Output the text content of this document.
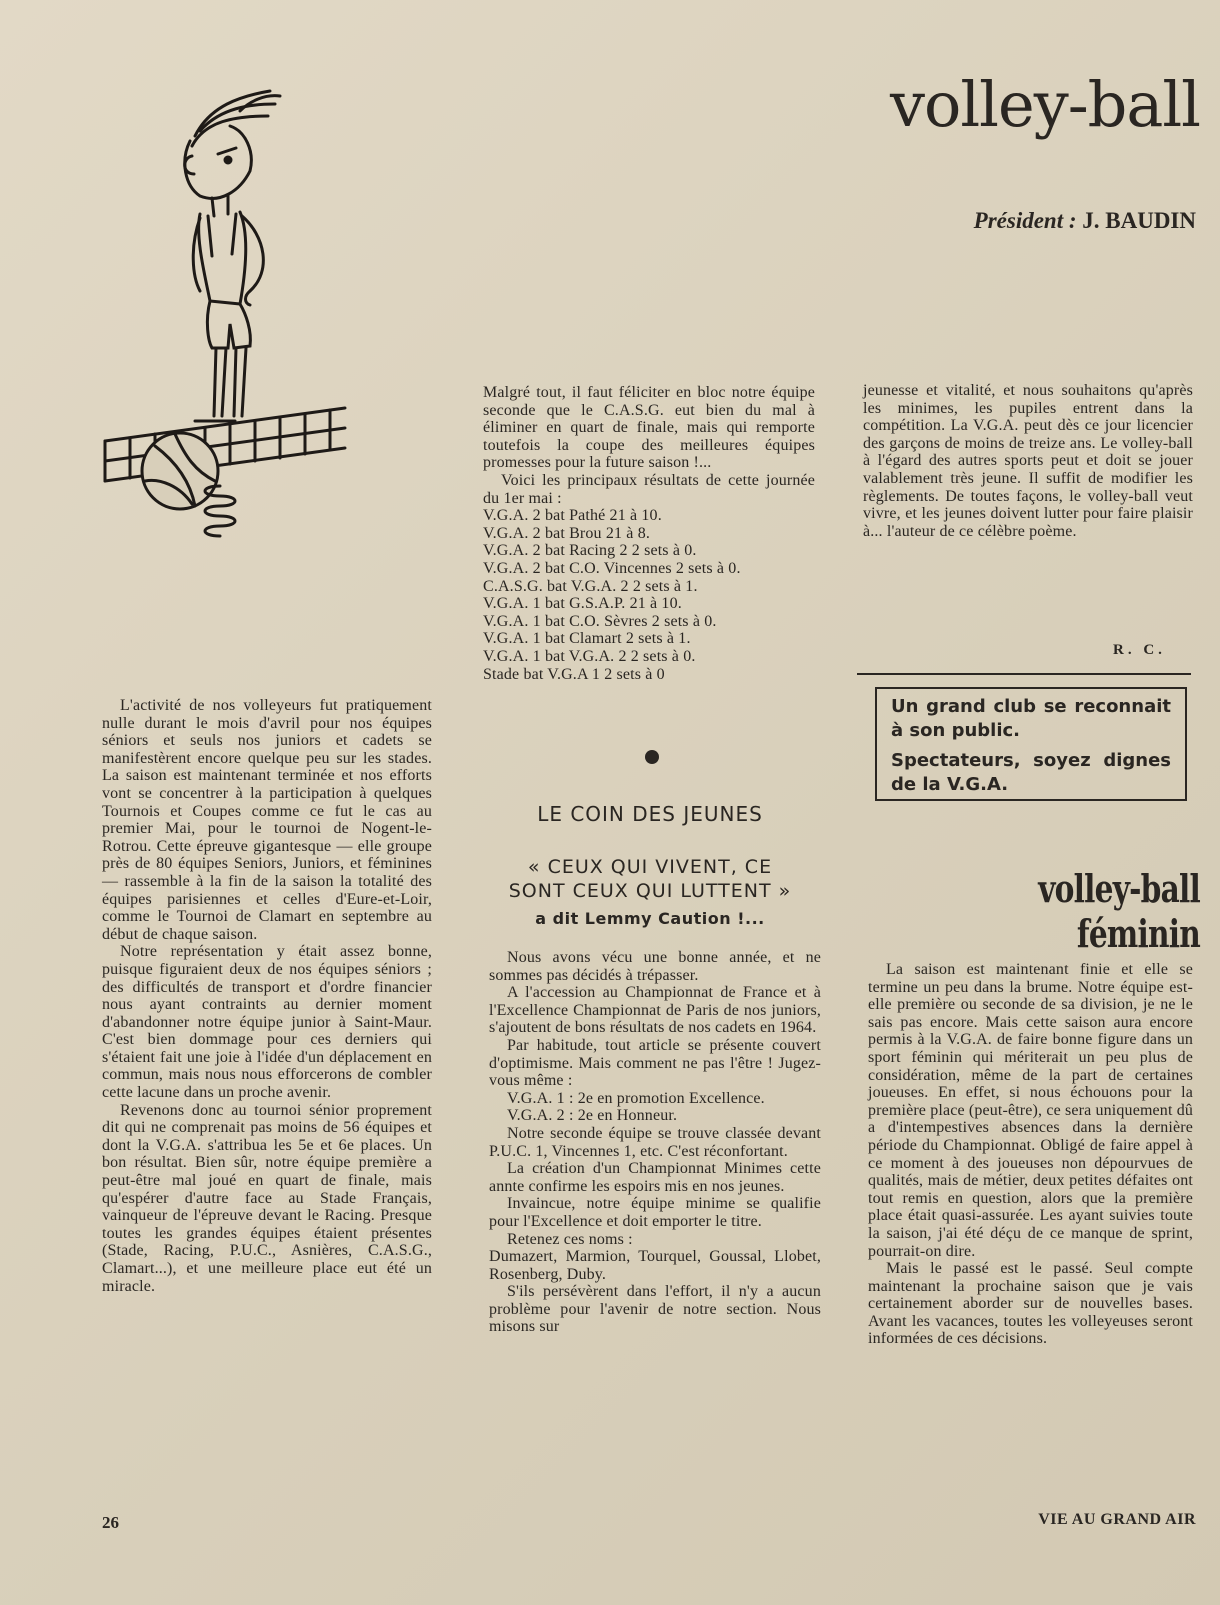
volley-ball
Président : J. BAUDIN

L'activité de nos volleyeurs fut pratiquement nulle durant le mois d'avril pour nos équipes séniors et seuls nos juniors et cadets se manifestèrent encore quelque peu sur les stades. La saison est maintenant terminée et nos efforts vont se concentrer à la participation à quelques Tournois et Coupes comme ce fut le cas au premier Mai, pour le tournoi de Nogent-le-Rotrou. Cette épreuve gigantesque — elle groupe près de 80 équipes Seniors, Juniors, et féminines — rassemble à la fin de la saison la totalité des équipes parisiennes et celles d'Eure-et-Loir, comme le Tournoi de Clamart en septembre au début de chaque saison.

Notre représentation y était assez bonne, puisque figuraient deux de nos équipes séniors ; des difficultés de transport et d'ordre financier nous ayant contraints au dernier moment d'abandonner notre équipe junior à Saint-Maur. C'est bien dommage pour ces derniers qui s'étaient fait une joie à l'idée d'un déplacement en commun, mais nous nous efforcerons de combler cette lacune dans un proche avenir.

Revenons donc au tournoi sénior proprement dit qui ne comprenait pas moins de 56 équipes et dont la V.G.A. s'attribua les 5e et 6e places. Un bon résultat. Bien sûr, notre équipe première a peut-être mal joué en quart de finale, mais qu'espérer d'autre face au Stade Français, vainqueur de l'épreuve devant le Racing. Presque toutes les grandes équipes étaient présentes (Stade, Racing, P.U.C., Asnières, C.A.S.G., Clamart...), et une meilleure place eut été un miracle.

Malgré tout, il faut féliciter en bloc notre équipe seconde que le C.A.S.G. eut bien du mal à éliminer en quart de finale, mais qui remporte toutefois la coupe des meilleures équipes promesses pour la future saison !...

Voici les principaux résultats de cette journée du 1er mai :

V.G.A. 2 bat Pathé 21 à 10.
V.G.A. 2 bat Brou 21 à 8.
V.G.A. 2 bat Racing 2 2 sets à 0.
V.G.A. 2 bat C.O. Vincennes 2 sets à 0.
C.A.S.G. bat V.G.A. 2 2 sets à 1.
V.G.A. 1 bat G.S.A.P. 21 à 10.
V.G.A. 1 bat C.O. Sèvres 2 sets à 0.
V.G.A. 1 bat Clamart 2 sets à 1.
V.G.A. 1 bat V.G.A. 2 2 sets à 0.
Stade bat V.G.A 1 2 sets à 0
LE COIN DES JEUNES
« CEUX QUI VIVENT, CE
SONT CEUX QUI LUTTENT »
a dit Lemmy Caution !...

Nous avons vécu une bonne année, et ne sommes pas décidés à trépasser.

A l'accession au Championnat de France et à l'Excellence Championnat de Paris de nos juniors, s'ajoutent de bons résultats de nos cadets en 1964.

Par habitude, tout article se présente couvert d'optimisme. Mais comment ne pas l'être ! Jugez-vous même :

V.G.A. 1 : 2e en promotion Excellence.

V.G.A. 2 : 2e en Honneur.

Notre seconde équipe se trouve classée devant P.U.C. 1, Vincennes 1, etc. C'est réconfortant.

La création d'un Championnat Minimes cette annte confirme les espoirs mis en nos jeunes.

Invaincue, notre équipe minime se qualifie pour l'Excellence et doit emporter le titre.

Retenez ces noms :

Dumazert, Marmion, Tourquel, Goussal, Llobet, Rosenberg, Duby.

S'ils persévèrent dans l'effort, il n'y a aucun problème pour l'avenir de notre section. Nous misons sur

jeunesse et vitalité, et nous souhaitons qu'après les minimes, les pupiles entrent dans la compétition. La V.G.A. peut dès ce jour licencier des garçons de moins de treize ans. Le volley-ball à l'égard des autres sports peut et doit se jouer valablement très jeune. Il suffit de modifier les règlements. De toutes façons, le volley-ball veut vivre, et les jeunes doivent lutter pour faire plaisir à... l'auteur de ce célèbre poème.

R. C.

Un grand club se reconnait à son public.

Spectateurs, soyez dignes de la V.G.A.

volley-ball féminin

La saison est maintenant finie et elle se termine un peu dans la brume. Notre équipe est-elle première ou seconde de sa division, je ne le sais pas encore. Mais cette saison aura encore permis à la V.G.A. de faire bonne figure dans un sport féminin qui mériterait un peu plus de considération, même de la part de certaines joueuses. En effet, si nous échouons pour la première place (peut-être), ce sera uniquement dû a d'intempestives absences dans la dernière période du Championnat. Obligé de faire appel à ce moment à des joueuses non dépourvues de qualités, mais de métier, deux petites défaites ont tout remis en question, alors que la première place était quasi-assurée. Les ayant suivies toute la saison, j'ai été déçu de ce manque de sprint, pourrait-on dire.

Mais le passé est le passé. Seul compte maintenant la prochaine saison que je vais certainement aborder sur de nouvelles bases. Avant les vacances, toutes les volleyeuses seront informées de ces décisions.

26	VIE AU GRAND AIR
